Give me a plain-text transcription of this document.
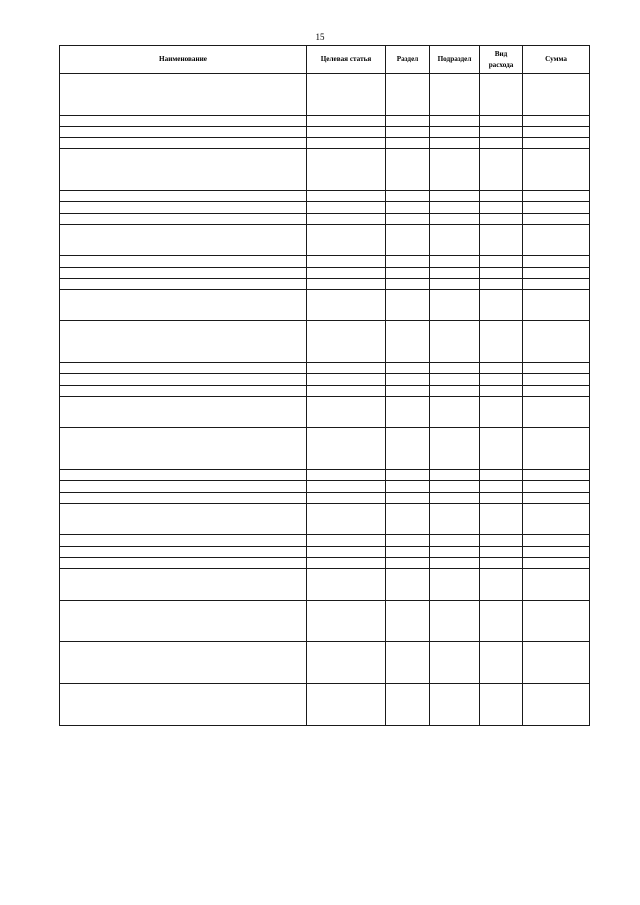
15
Наименование	Целевая статья	Раздел	Подраздел	Вид расхода	Сумма
